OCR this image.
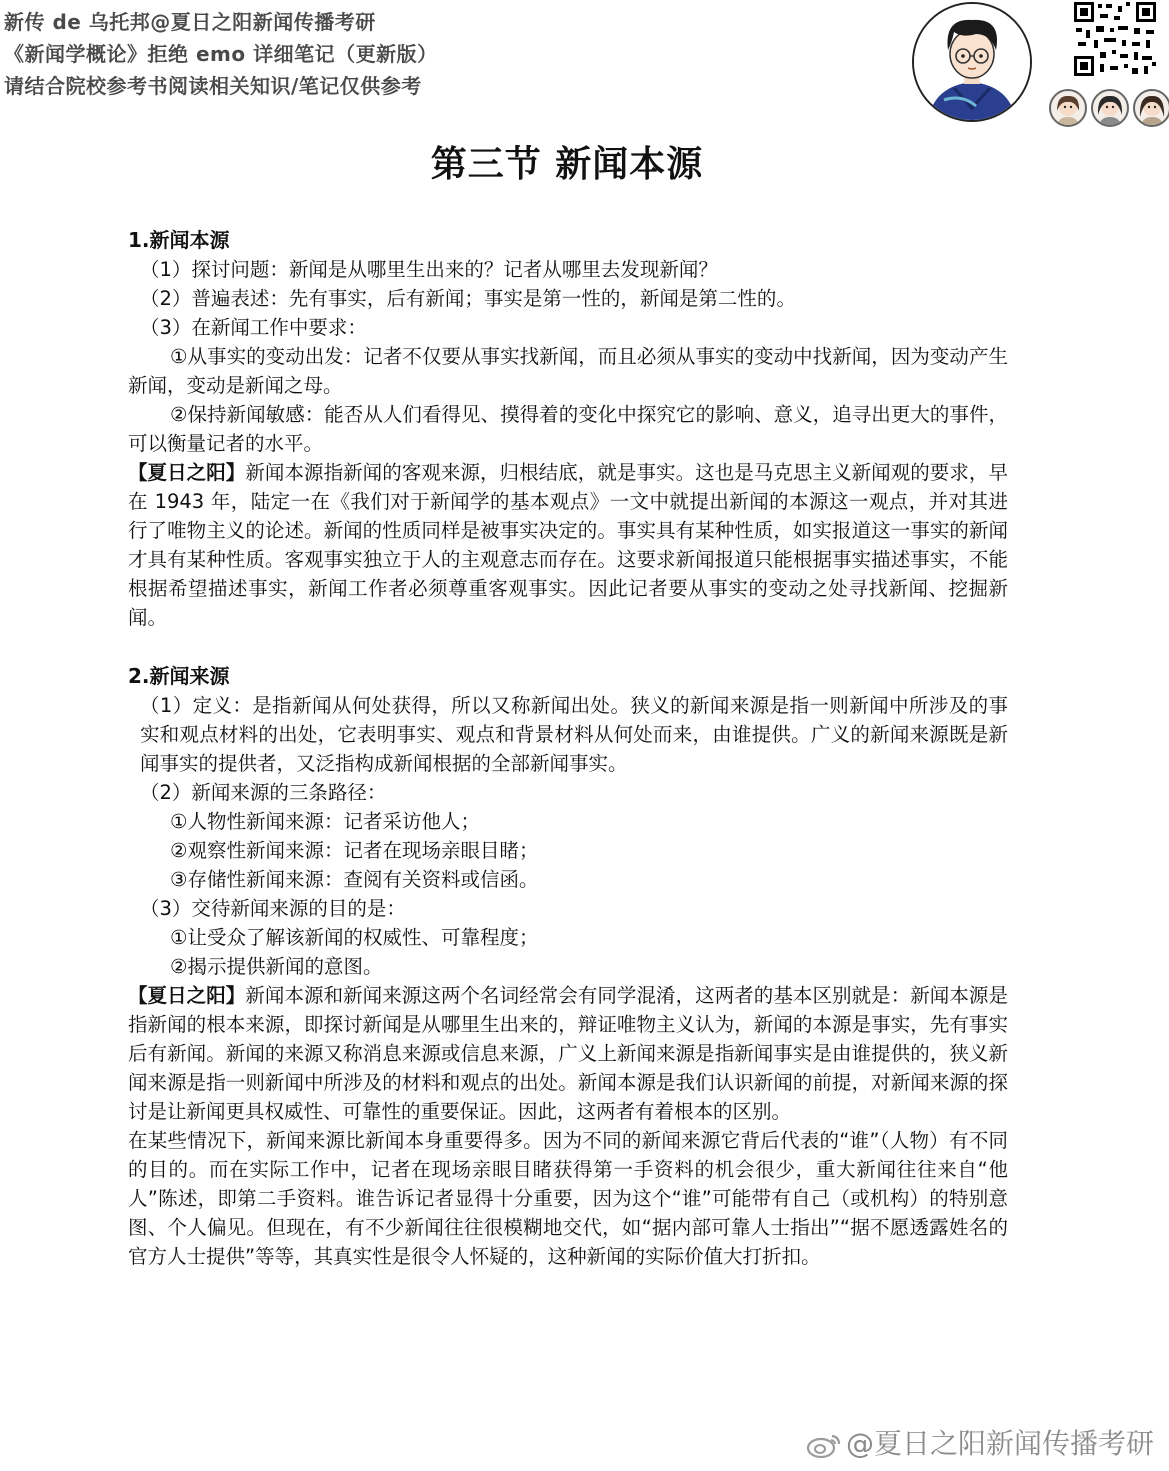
新传 de 乌托邦@夏日之阳新闻传播考研
《新闻学概论》拒绝 emo 详细笔记（更新版）
请结合院校参考书阅读相关知识/笔记仅供参考
第三节 新闻本源

1.新闻本源

（1）探讨问题：新闻是从哪里生出来的？记者从哪里去发现新闻？

（2）普遍表述：先有事实，后有新闻；事实是第一性的，新闻是第二性的。

（3）在新闻工作中要求：

①从事实的变动出发：记者不仅要从事实找新闻，而且必须从事实的变动中找新闻，因为变动产生新闻，变动是新闻之母。

②保持新闻敏感：能否从人们看得见、摸得着的变化中探究它的影响、意义，追寻出更大的事件，可以衡量记者的水平。

【夏日之阳】新闻本源指新闻的客观来源，归根结底，就是事实。这也是马克思主义新闻观的要求，早在 1943 年，陆定一在《我们对于新闻学的基本观点》一文中就提出新闻的本源这一观点，并对其进行了唯物主义的论述。新闻的性质同样是被事实决定的。事实具有某种性质，如实报道这一事实的新闻才具有某种性质。客观事实独立于人的主观意志而存在。这要求新闻报道只能根据事实描述事实，不能根据希望描述事实，新闻工作者必须尊重客观事实。因此记者要从事实的变动之处寻找新闻、挖掘新闻。

2.新闻来源

（1）定义：是指新闻从何处获得，所以又称新闻出处。狭义的新闻来源是指一则新闻中所涉及的事实和观点材料的出处，它表明事实、观点和背景材料从何处而来，由谁提供。广义的新闻来源既是新闻事实的提供者，又泛指构成新闻根据的全部新闻事实。

（2）新闻来源的三条路径：

①人物性新闻来源：记者采访他人；

②观察性新闻来源：记者在现场亲眼目睹；

③存储性新闻来源：查阅有关资料或信函。

（3）交待新闻来源的目的是：

①让受众了解该新闻的权威性、可靠程度；

②揭示提供新闻的意图。

【夏日之阳】新闻本源和新闻来源这两个名词经常会有同学混淆，这两者的基本区别就是：新闻本源是指新闻的根本来源，即探讨新闻是从哪里生出来的，辩证唯物主义认为，新闻的本源是事实，先有事实后有新闻。新闻的来源又称消息来源或信息来源，广义上新闻来源是指新闻事实是由谁提供的，狭义新闻来源是指一则新闻中所涉及的材料和观点的出处。新闻本源是我们认识新闻的前提，对新闻来源的探讨是让新闻更具权威性、可靠性的重要保证。因此，这两者有着根本的区别。

在某些情况下，新闻来源比新闻本身重要得多。因为不同的新闻来源它背后代表的“谁”（人物）有不同的目的。而在实际工作中，记者在现场亲眼目睹获得第一手资料的机会很少，重大新闻往往来自“他人”陈述，即第二手资料。谁告诉记者显得十分重要，因为这个“谁”可能带有自己（或机构）的特别意图、个人偏见。但现在，有不少新闻往往很模糊地交代，如“据内部可靠人士指出”“据不愿透露姓名的官方人士提供”等等，其真实性是很令人怀疑的，这种新闻的实际价值大打折扣。

@夏日之阳新闻传播考研
